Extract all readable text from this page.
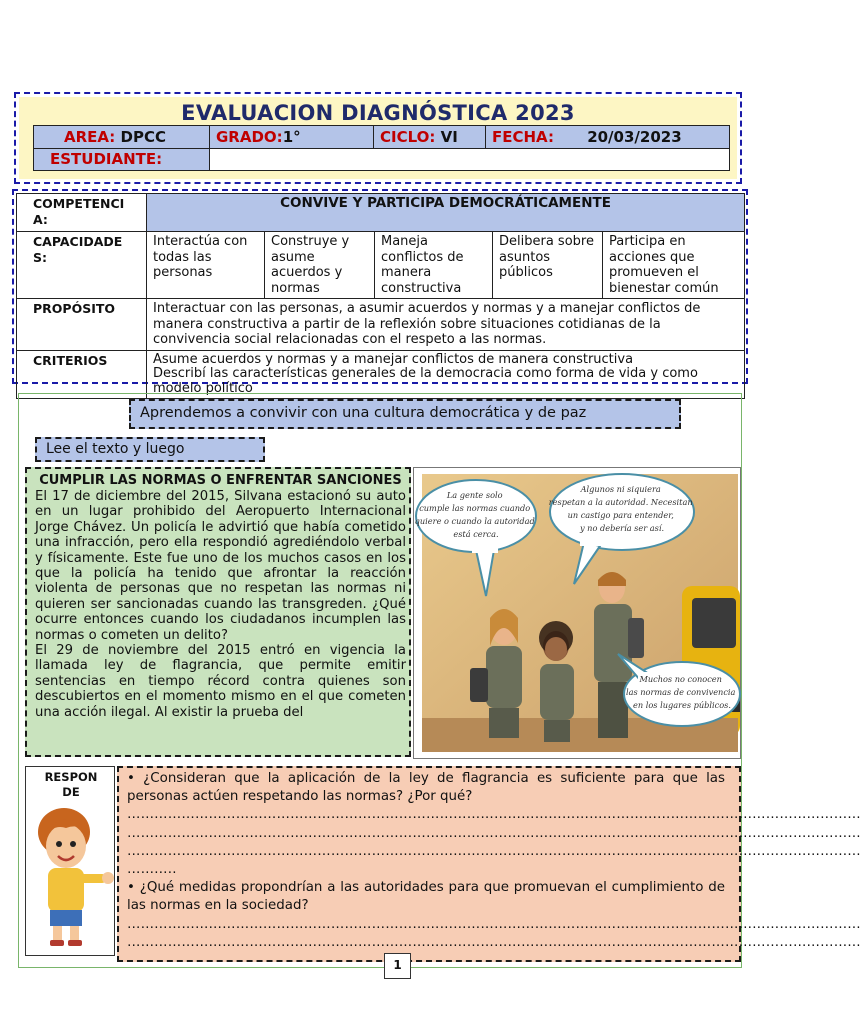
EVALUACION DIAGNÓSTICA 2023
AREA: DPCC	GRADO:1°	CICLO: VI	FECHA: 20/03/2023
ESTUDIANTE:			
COMPETENCI A:	CONVIVE Y PARTICIPA DEMOCRÁTICAMENTE				
CAPACIDADE S:	Interactúa con todas las personas	Construye y asume acuerdos y normas	Maneja conflictos de manera constructiva	Delibera sobre asuntos públicos	Participa en acciones que promueven el bienestar común
PROPÓSITO	Interactuar con las personas, a asumir acuerdos y normas y a manejar conflictos de manera constructiva a partir de la reflexión sobre situaciones cotidianas de la convivencia social relacionadas con el respeto a las normas.				
CRITERIOS	Asume acuerdos y normas y a manejar conflictos de manera constructiva
Describí las características generales de la democracia como forma de vida y como modelo político				
Aprendemos a convivir con una cultura democrática y de paz
Lee el texto y luego
CUMPLIR LAS NORMAS O ENFRENTAR SANCIONES

El 17 de diciembre del 2015, Silvana estacionó su auto en un lugar prohibido del Aeropuerto Internacional Jorge Chávez. Un policía le advirtió que había cometido una infracción, pero ella respondió agrediéndolo verbal y físicamente. Este fue uno de los muchos casos en los que la policía ha tenido que afrontar la reacción violenta de personas que no respetan las normas ni quieren ser sancionadas cuando las transgreden. ¿Qué ocurre entonces cuando los ciudadanos incumplen las normas o cometen un delito?

El 29 de noviembre del 2015 entró en vigencia la llamada ley de flagrancia, que permite emitir sentencias en tiempo récord contra quienes son descubiertos en el momento mismo en el que cometen una acción ilegal. Al existir la prueba del

La gente solo cumple las normas cuando quiere o cuando la autoridad está cerca.
Algunos ni siquiera respetan a la autoridad. Necesitan un castigo para entender, y no debería ser así.
Muchos no conocen las normas de convivencia en los lugares públicos.
RESPON DE
• ¿Consideran que la aplicación de la ley de flagrancia es suficiente para que las personas actúen respetando las normas? ¿Por qué?
………………………………………………………………………………………………………………………………………………
………………………………………………………………………………………………………………………………………………
………………………………………………………………………………………………………………………………………………
………..
• ¿Qué medidas propondrían a las autoridades para que promuevan el cumplimiento de las normas en la sociedad?
………………………………………………………………………………………………………………………………………………
………………………………………………………………………………………………………………………………………………
1
